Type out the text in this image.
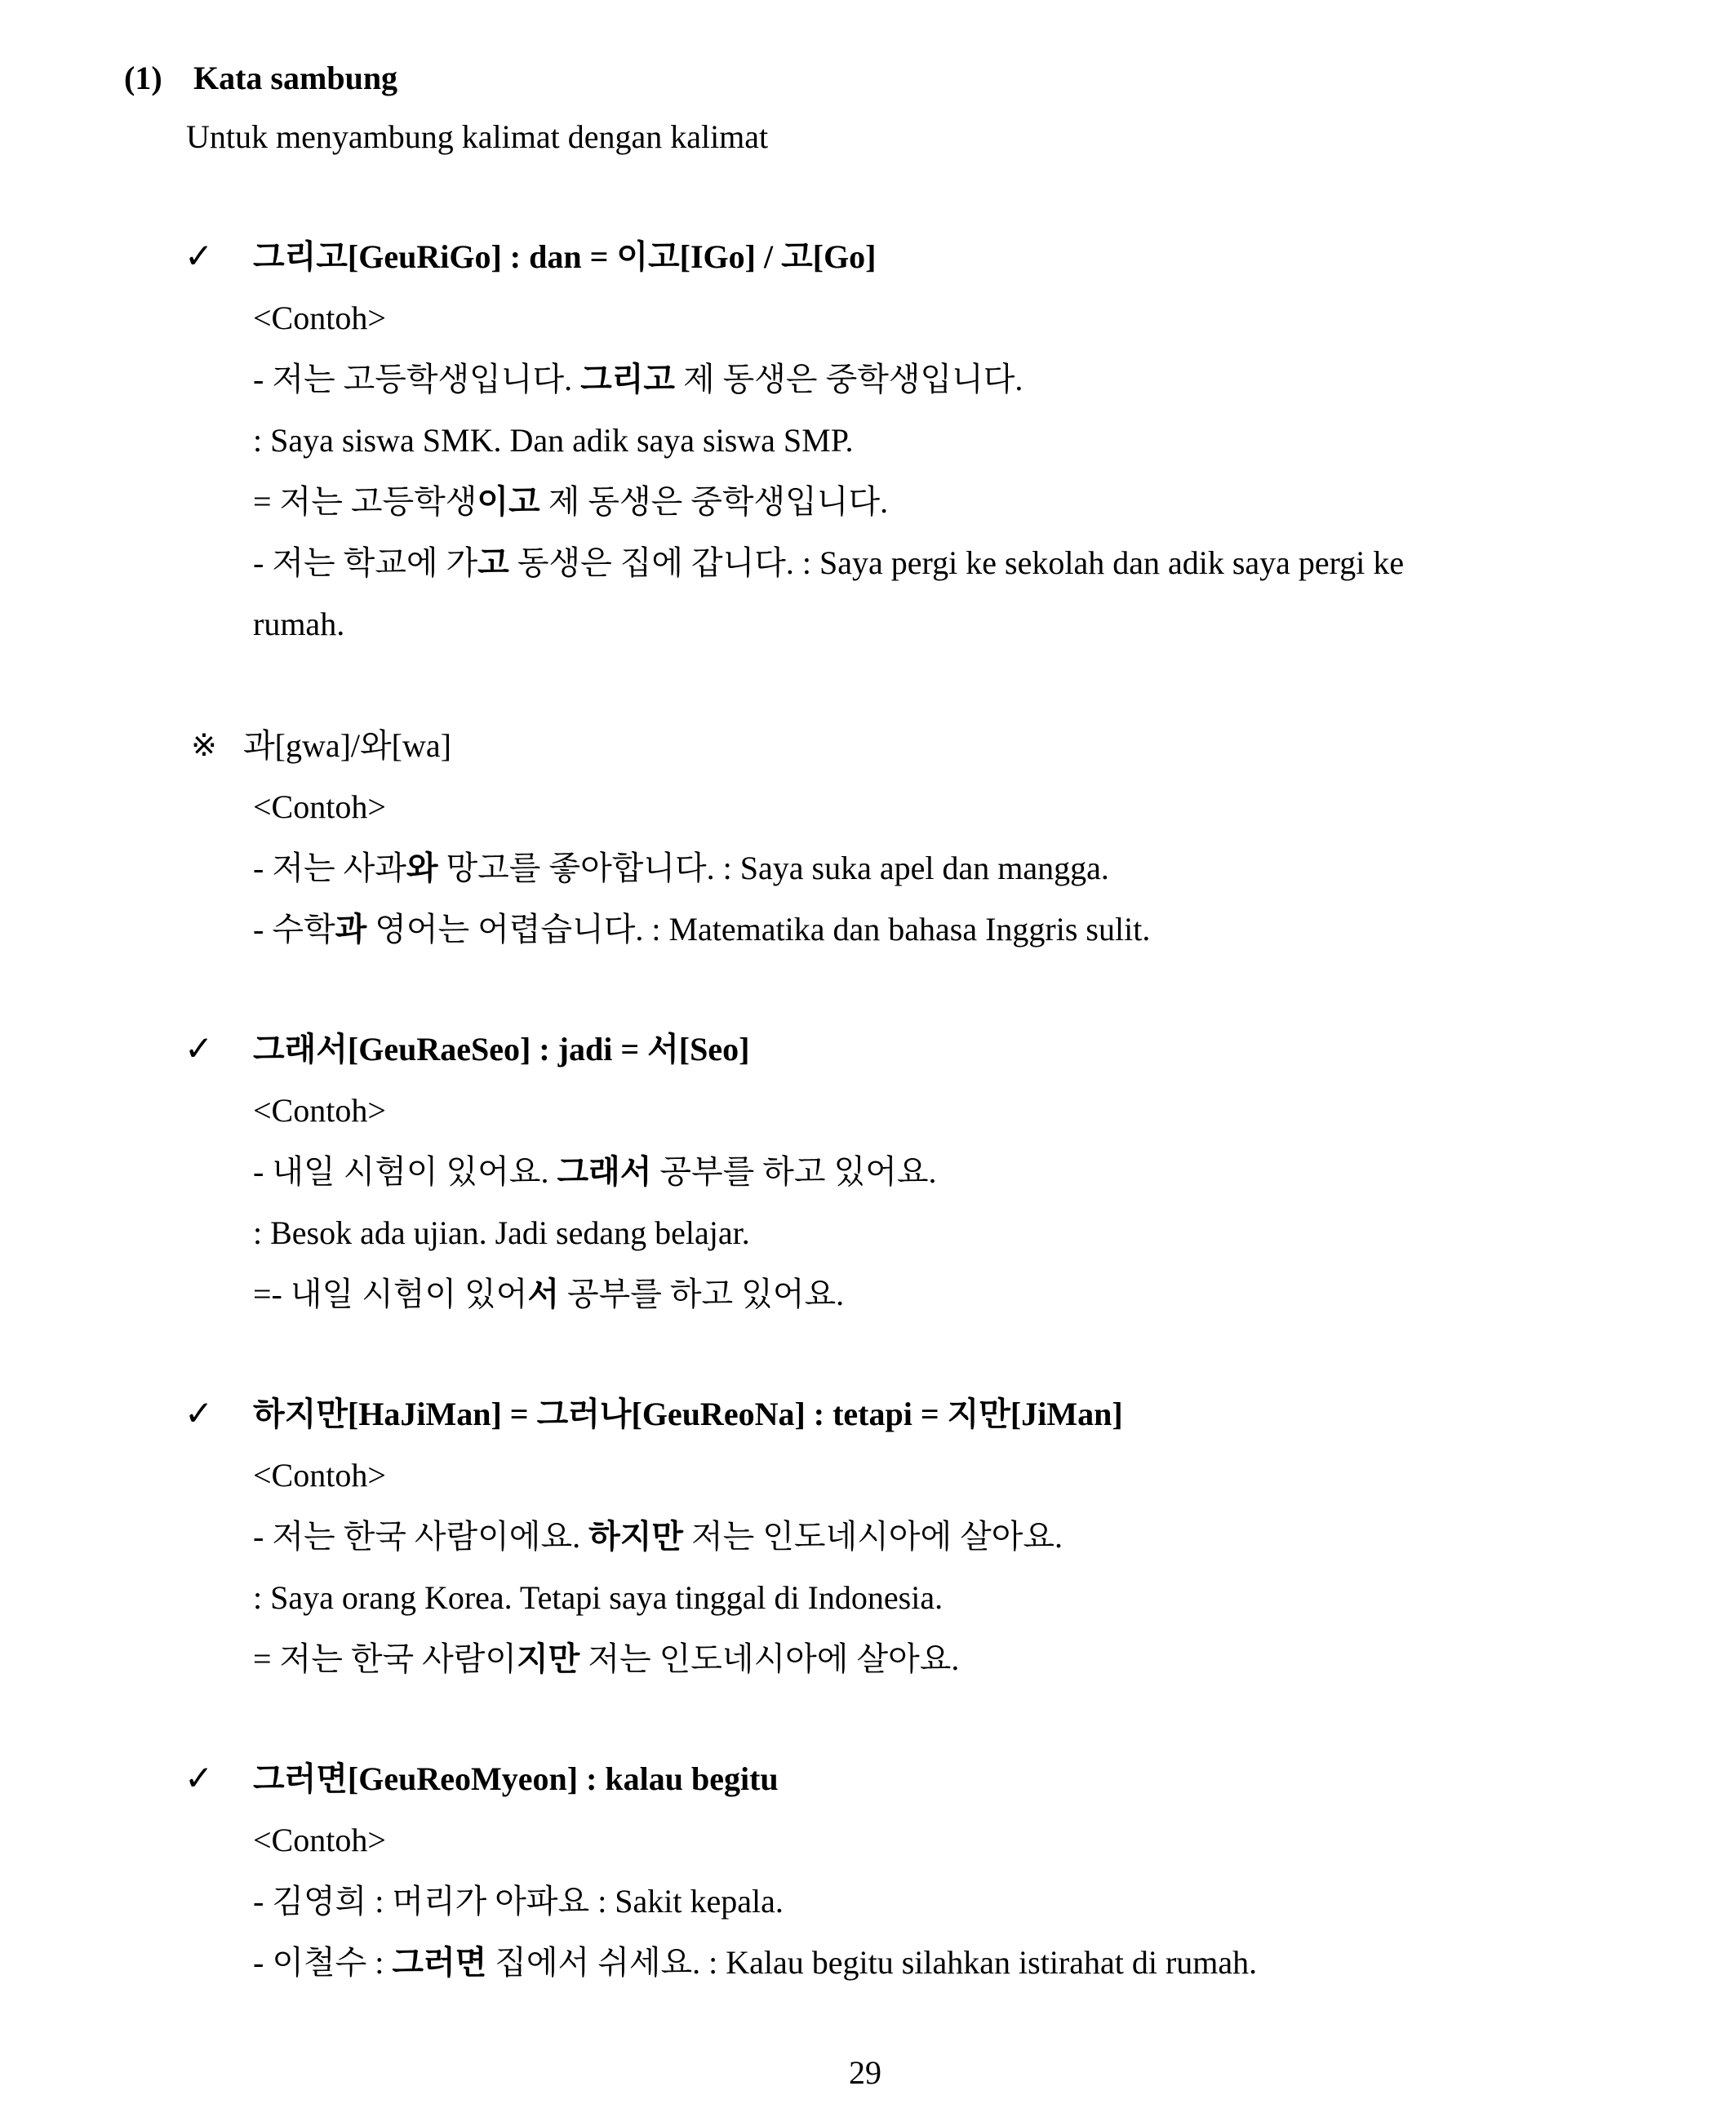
(1) Kata sambung
Untuk menyambung kalimat dengan kalimat
✓ 그리고[GeuRiGo] : dan = 이고[IGo] / 고[Go]
<Contoh>
- 저는 고등학생입니다. 그리고 제 동생은 중학생입니다.
: Saya siswa SMK. Dan adik saya siswa SMP.
= 저는 고등학생이고 제 동생은 중학생입니다.
- 저는 학교에 가고 동생은 집에 갑니다. : Saya pergi ke sekolah dan adik saya pergi ke
rumah.
※ 과[gwa]/와[wa]
<Contoh>
- 저는 사과와 망고를 좋아합니다. : Saya suka apel dan mangga.
- 수학과 영어는 어렵습니다. : Matematika dan bahasa Inggris sulit.
✓ 그래서[GeuRaeSeo] : jadi = 서[Seo]
<Contoh>
- 내일 시험이 있어요. 그래서 공부를 하고 있어요.
: Besok ada ujian. Jadi sedang belajar.
=- 내일 시험이 있어서 공부를 하고 있어요.
✓ 하지만[HaJiMan] = 그러나[GeuReoNa] : tetapi = 지만[JiMan]
<Contoh>
- 저는 한국 사람이에요. 하지만 저는 인도네시아에 살아요.
: Saya orang Korea. Tetapi saya tinggal di Indonesia.
= 저는 한국 사람이지만 저는 인도네시아에 살아요.
✓ 그러면[GeuReoMyeon] : kalau begitu
<Contoh>
- 김영희 : 머리가 아파요 : Sakit kepala.
- 이철수 : 그러면 집에서 쉬세요. : Kalau begitu silahkan istirahat di rumah.
29
